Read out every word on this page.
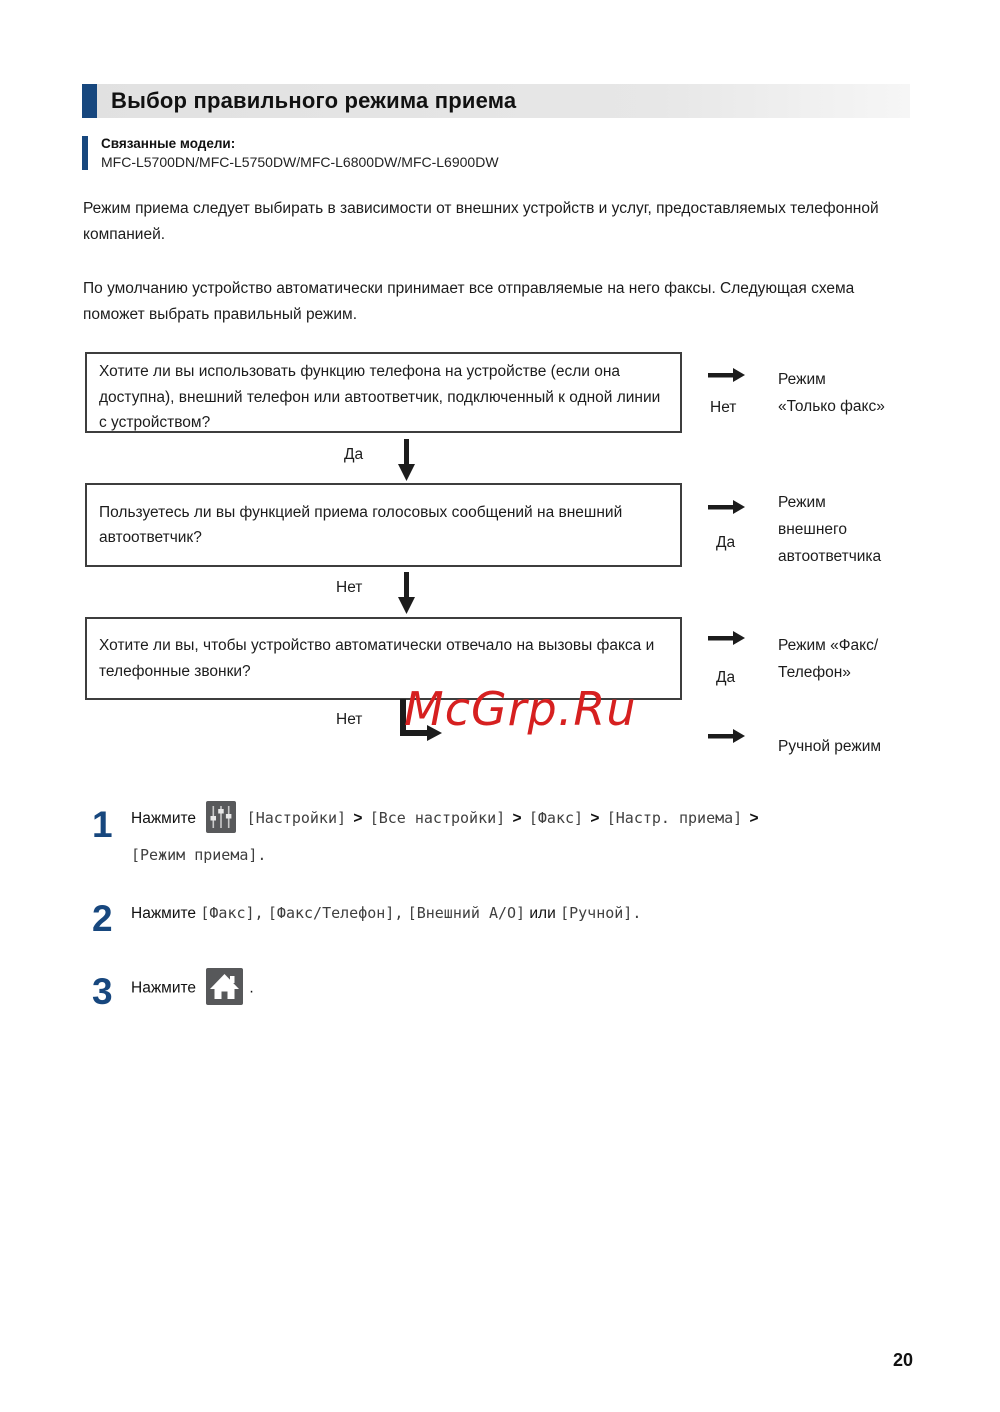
Выбор правильного режима приема
Связанные модели:
MFC-L5700DN/MFC-L5750DW/MFC-L6800DW/MFC-L6900DW
Режим приема следует выбирать в зависимости от внешних устройств и услуг, предоставляемых телефонной компанией.
По умолчанию устройство автоматически принимает все отправляемые на него факсы. Следующая схема поможет выбрать правильный режим.
Хотите ли вы использовать функцию телефона на устройстве (если она доступна), внешний телефон или автоответчик, подключенный к одной линии с устройством?
Нет
Режим
«Только факс»
Да
Пользуетесь ли вы функцией приема голосовых сообщений на внешний автоответчик?	Да
Режим
внешнего
автоответчика
Нет
Хотите ли вы, чтобы устройство автоматически отвечало на вызовы факса и телефонные звонки?	Да
Режим «Факс/
Телефон»
Нет
Ручной режим
McGrp.Ru
1 Нажмите	[Настройки] > [Все настройки] > [Факс] > [Настр. приема] >
[Режим приема].
2 Нажмите [Факс], [Факс/Телефон], [Внешний А/О] или [Ручной].
3 Нажмите	.
20
